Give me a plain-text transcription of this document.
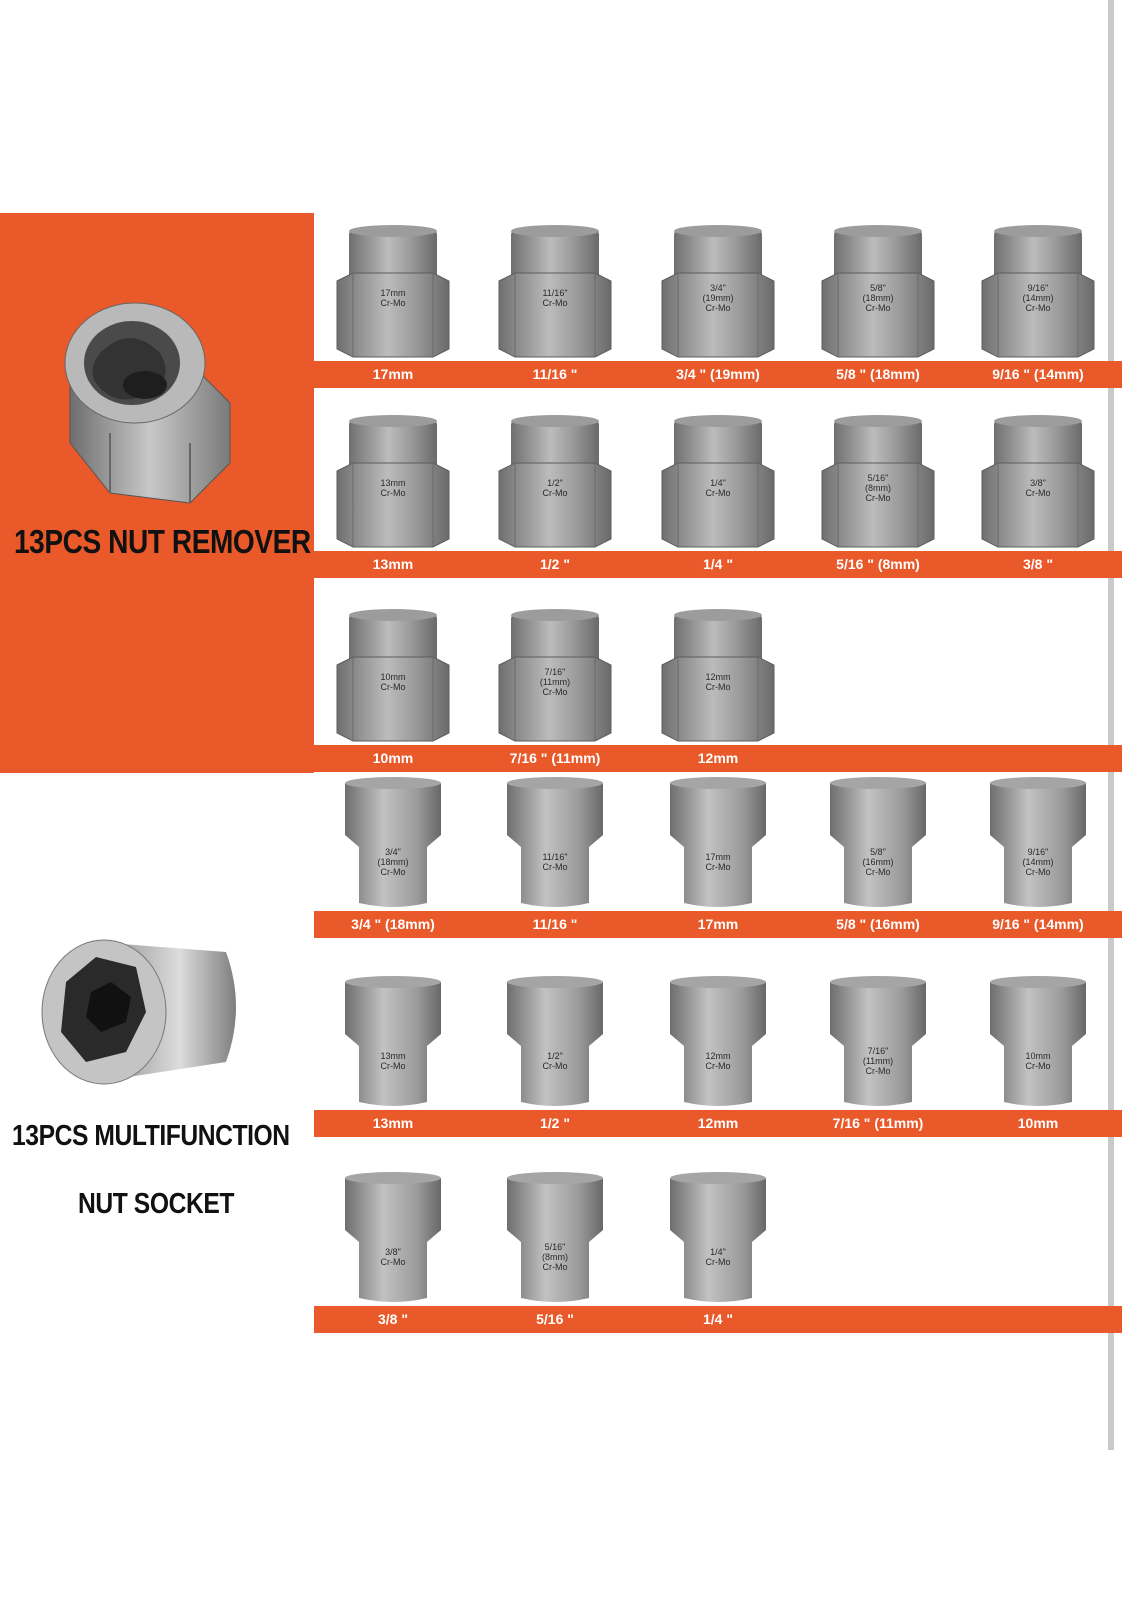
13PCS NUT REMOVER
13PCS MULTIFUNCTION
NUT SOCKET
17mm
Cr-Mo
17mm
11/16"
Cr-Mo
11/16 "
3/4"
(19mm)
Cr-Mo
3/4 " (19mm)
5/8"
(18mm)
Cr-Mo
5/8 " (18mm)
9/16"
(14mm)
Cr-Mo
9/16 " (14mm)
13mm
Cr-Mo
13mm
1/2"
Cr-Mo
1/2 "
1/4"
Cr-Mo
1/4 "
5/16"
(8mm)
Cr-Mo
5/16 " (8mm)
3/8"
Cr-Mo
3/8 "
10mm
Cr-Mo
10mm
7/16"
(11mm)
Cr-Mo
7/16 " (11mm)
12mm
Cr-Mo
12mm
3/4"
(18mm)
Cr-Mo
3/4 " (18mm)
11/16"
Cr-Mo
11/16 "
17mm
Cr-Mo
17mm
5/8"
(16mm)
Cr-Mo
5/8 " (16mm)
9/16"
(14mm)
Cr-Mo
9/16 " (14mm)
13mm
Cr-Mo
13mm
1/2"
Cr-Mo
1/2 "
12mm
Cr-Mo
12mm
7/16"
(11mm)
Cr-Mo
7/16 " (11mm)
10mm
Cr-Mo
10mm
3/8"
Cr-Mo
3/8 "
5/16"
(8mm)
Cr-Mo
5/16 "
1/4"
Cr-Mo
1/4 "
